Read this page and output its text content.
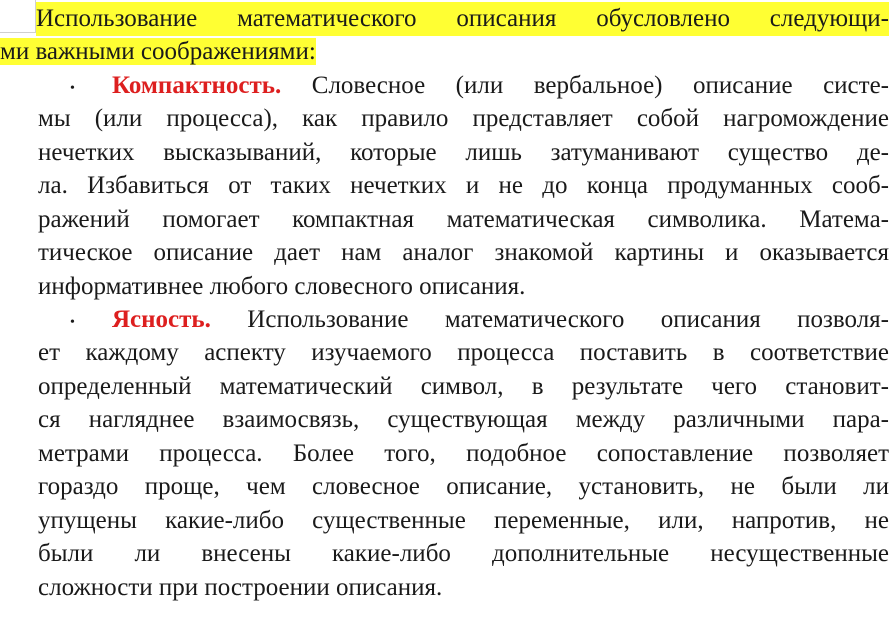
Использование математического описания обусловлено следующи-
ми важными соображениями:
• Компактность. Словесное (или вербальное) описание систе-
мы (или процесса), как правило представляет собой нагромождение
нечетких высказываний, которые лишь затуманивают существо де-
ла. Избавиться от таких нечетких и не до конца продуманных сооб-
ражений помогает компактная математическая символика. Матема-
тическое описание дает нам аналог знакомой картины и оказывается
информативнее любого словесного описания.
• Ясность. Использование математического описания позволя-
ет каждому аспекту изучаемого процесса поставить в соответствие
определенный математический символ, в результате чего становит-
ся нагляднее взаимосвязь, существующая между различными пара-
метрами процесса. Более того, подобное сопоставление позволяет
гораздо проще, чем словесное описание, установить, не были ли
упущены какие-либо существенные переменные, или, напротив, не
были ли внесены какие-либо дополнительные несущественные
сложности при построении описания.
